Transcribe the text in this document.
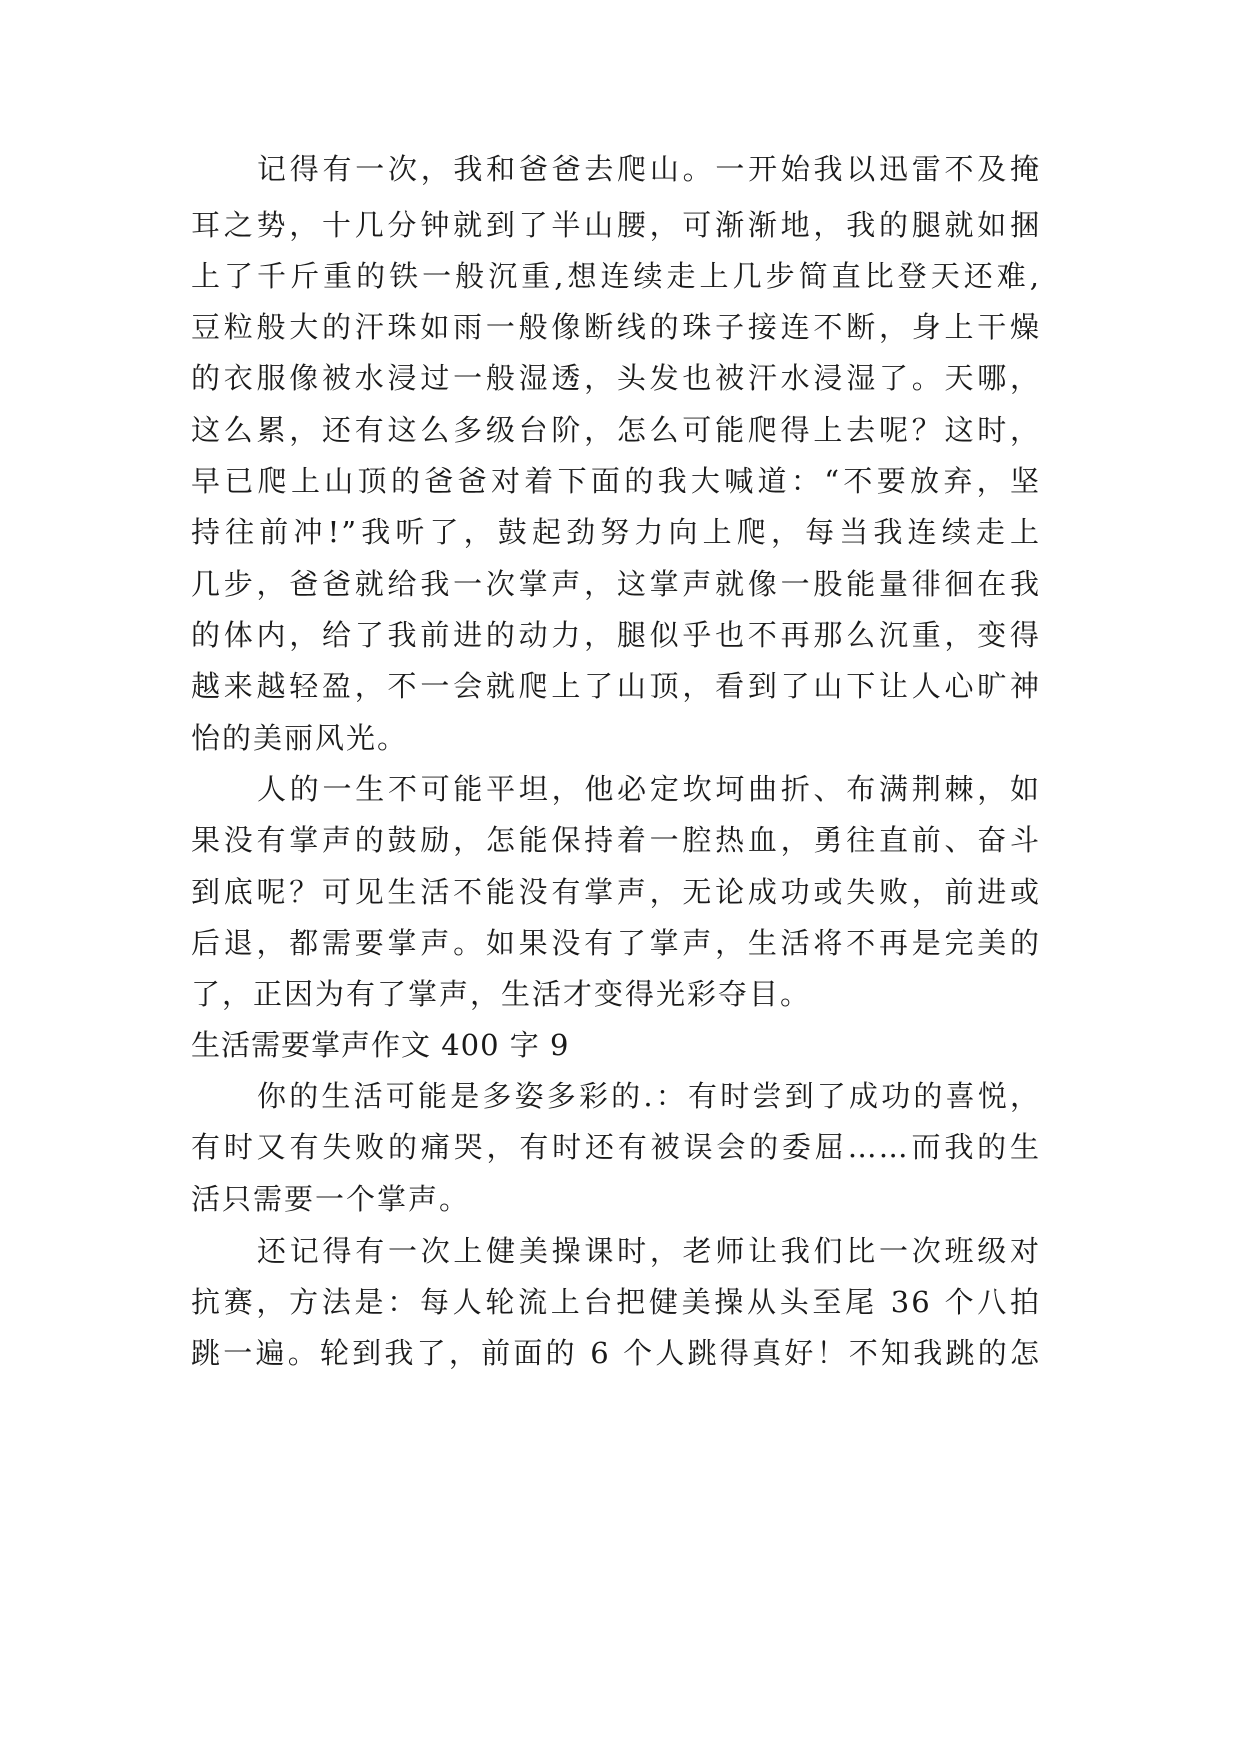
记得有一次，我和爸爸去爬山。一开始我以迅雷不及掩
耳之势，十几分钟就到了半山腰，可渐渐地，我的腿就如捆
上了千斤重的铁一般沉重,想连续走上几步简直比登天还难,
豆粒般大的汗珠如雨一般像断线的珠子接连不断，身上干燥
的衣服像被水浸过一般湿透，头发也被汗水浸湿了。天哪，
这么累，还有这么多级台阶，怎么可能爬得上去呢？这时，
早已爬上山顶的爸爸对着下面的我大喊道：“不要放弃，坚
持往前冲!”我听了，鼓起劲努力向上爬，每当我连续走上
几步，爸爸就给我一次掌声，这掌声就像一股能量徘徊在我
的体内，给了我前进的动力，腿似乎也不再那么沉重，变得
越来越轻盈，不一会就爬上了山顶，看到了山下让人心旷神
怡的美丽风光。
人的一生不可能平坦，他必定坎坷曲折、布满荆棘，如
果没有掌声的鼓励，怎能保持着一腔热血，勇往直前、奋斗
到底呢？可见生活不能没有掌声，无论成功或失败，前进或
后退，都需要掌声。如果没有了掌声，生活将不再是完美的
了，正因为有了掌声，生活才变得光彩夺目。
生活需要掌声作文 400 字 9
你的生活可能是多姿多彩的.：有时尝到了成功的喜悦，
有时又有失败的痛哭，有时还有被误会的委屈……而我的生
活只需要一个掌声。
还记得有一次上健美操课时，老师让我们比一次班级对
抗赛，方法是：每人轮流上台把健美操从头至尾 36 个八拍
跳一遍。轮到我了，前面的 6 个人跳得真好！不知我跳的怎
